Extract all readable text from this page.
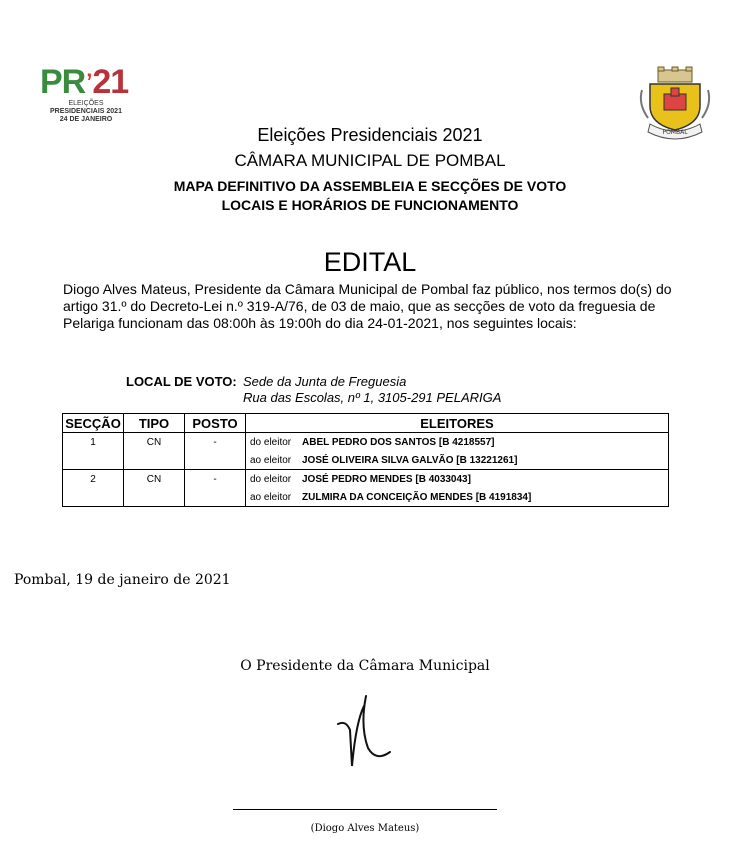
PR’21
ELEIÇÕES
PRESIDENCIAIS 2021
24 DE JANEIRO
POMBAL
Eleições Presidenciais 2021
CÂMARA MUNICIPAL DE POMBAL
MAPA DEFINITIVO DA ASSEMBLEIA E SECÇÕES DE VOTO
LOCAIS E HORÁRIOS DE FUNCIONAMENTO
EDITAL
Diogo Alves Mateus, Presidente da Câmara Municipal de Pombal faz público, nos termos do(s) do artigo 31.º do Decreto-Lei n.º 319-A/76, de 03 de maio, que as secções de voto da freguesia de Pelariga funcionam das 08:00h às 19:00h do dia 24-01-2021, nos seguintes locais:
LOCAL DE VOTO: Sede da Junta de Freguesia
Rua das Escolas, nº 1, 3105-291 PELARIGA
SECÇÃO	TIPO	POSTO	ELEITORES
1	CN	-	do eleitor ABEL PEDRO DOS SANTOS [B 4218557]

			ao eleitor JOSÉ OLIVEIRA SILVA GALVÃO [B 13221261]

2	CN	-	do eleitor JOSÉ PEDRO MENDES [B 4033043]

			ao eleitor ZULMIRA DA CONCEIÇÃO MENDES [B 4191834]
Pombal, 19 de janeiro de 2021
O Presidente da Câmara Municipal
(Diogo Alves Mateus)
